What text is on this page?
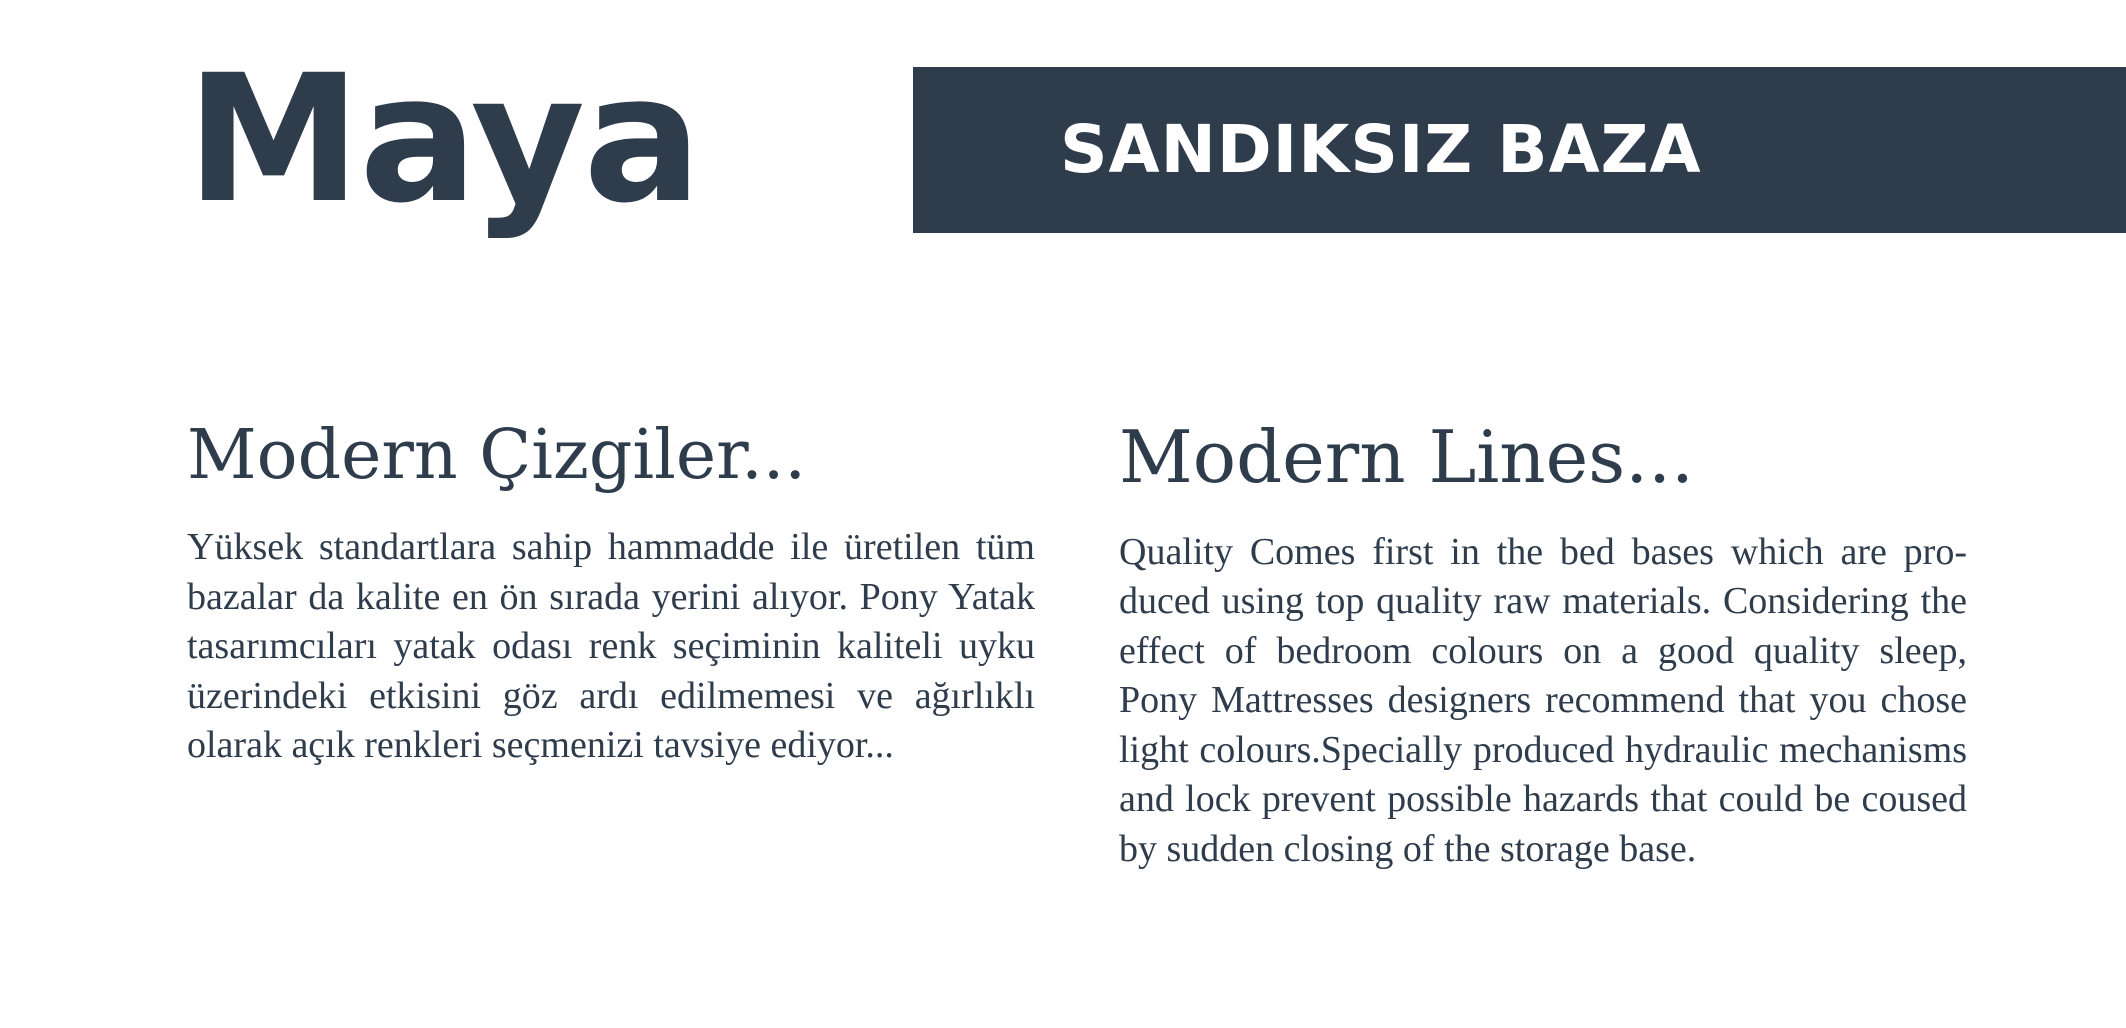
Maya	SANDIKSIZ BAZA
Modern Çizgiler...

Yüksek standartlara sahip hammadde ile üretilen tüm bazalar da kalite en ön sırada yerini alıyor. Pony Yatak tasarımcıları yatak odası renk seçiminin kaliteli uyku üzerindeki etkisini göz ardı edilmemesi ve ağırlıklı olarak açık renkleri seçmenizi tavsiye ediyor...

Modern Lines...

Quality Comes first in the bed bases which are produced using top quality raw materials. Considering the effect of bedroom colours on a good quality sleep, Pony Mattresses designers recommend that you chose light colours.Specially produced hydraulic mechanisms and lock prevent possible hazards that could be coused by sudden closing of the storage base.
